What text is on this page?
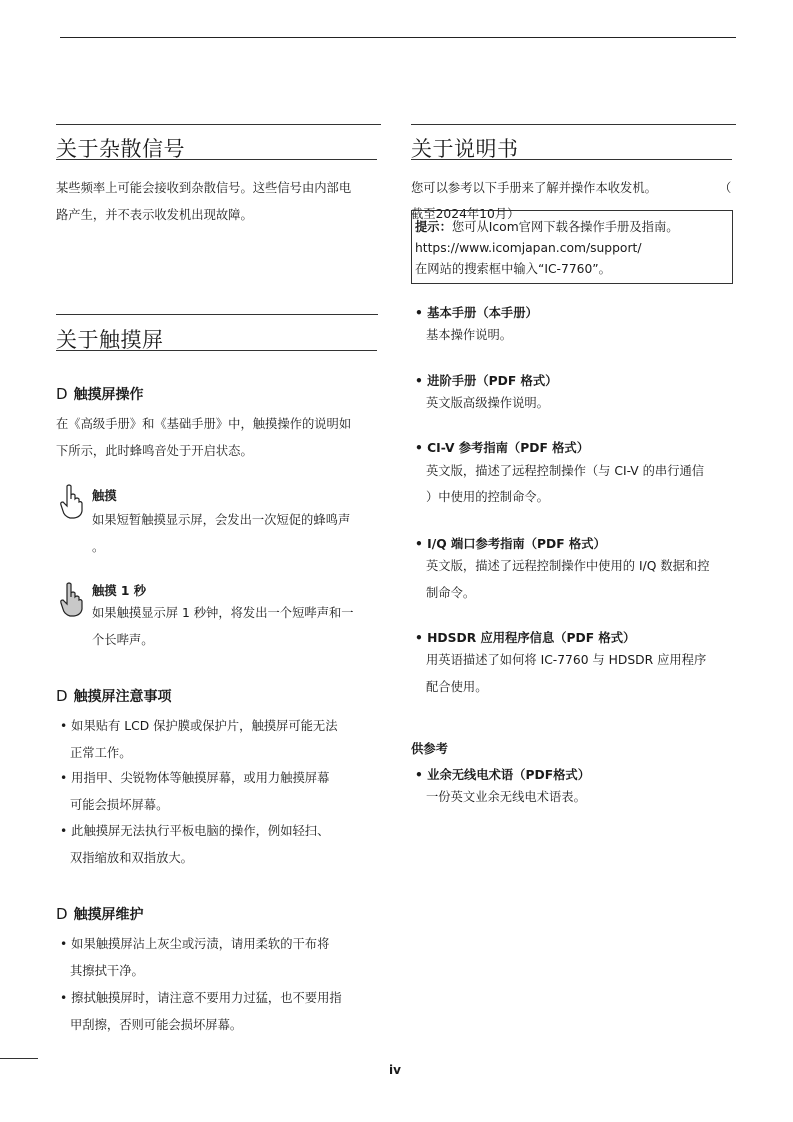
关于杂散信号
某些频率上可能会接收到杂散信号。这些信号由内部电
路产生，并不表示收发机出现故障。
关于触摸屏
D 触摸屏操作
在《高级手册》和《基础手册》中，触摸操作的说明如
下所示，此时蜂鸣音处于开启状态。
触摸
如果短暂触摸显示屏，会发出一次短促的蜂鸣声
。
触摸 1 秒
如果触摸显示屏 1 秒钟，将发出一个短哔声和一
个长哔声。
D 触摸屏注意事项
• 如果贴有 LCD 保护膜或保护片，触摸屏可能无法
正常工作。
• 用指甲、尖锐物体等触摸屏幕，或用力触摸屏幕
可能会损坏屏幕。
• 此触摸屏无法执行平板电脑的操作，例如轻扫、
双指缩放和双指放大。
D 触摸屏维护
• 如果触摸屏沾上灰尘或污渍，请用柔软的干布将
其擦拭干净。
• 擦拭触摸屏时，请注意不要用力过猛，也不要用指
甲刮擦，否则可能会损坏屏幕。
关于说明书
您可以参考以下手册来了解并操作本收发机。	（
截至2024年10月）
提示：您可从Icom官网下载各操作手册及指南。
https://www.icomjapan.com/support/
在网站的搜索框中输入“IC-7760”。
• 基本手册（本手册）
基本操作说明。
• 进阶手册（PDF 格式）
英文版高级操作说明。
• CI-V 参考指南（PDF 格式）
英文版，描述了远程控制操作（与 CI-V 的串行通信
）中使用的控制命令。
• I/Q 端口参考指南（PDF 格式）
英文版，描述了远程控制操作中使用的 I/Q 数据和控
制命令。
• HDSDR 应用程序信息（PDF 格式）
用英语描述了如何将 IC-7760 与 HDSDR 应用程序
配合使用。
供参考
• 业余无线电术语（PDF格式）
一份英文业余无线电术语表。
iv
